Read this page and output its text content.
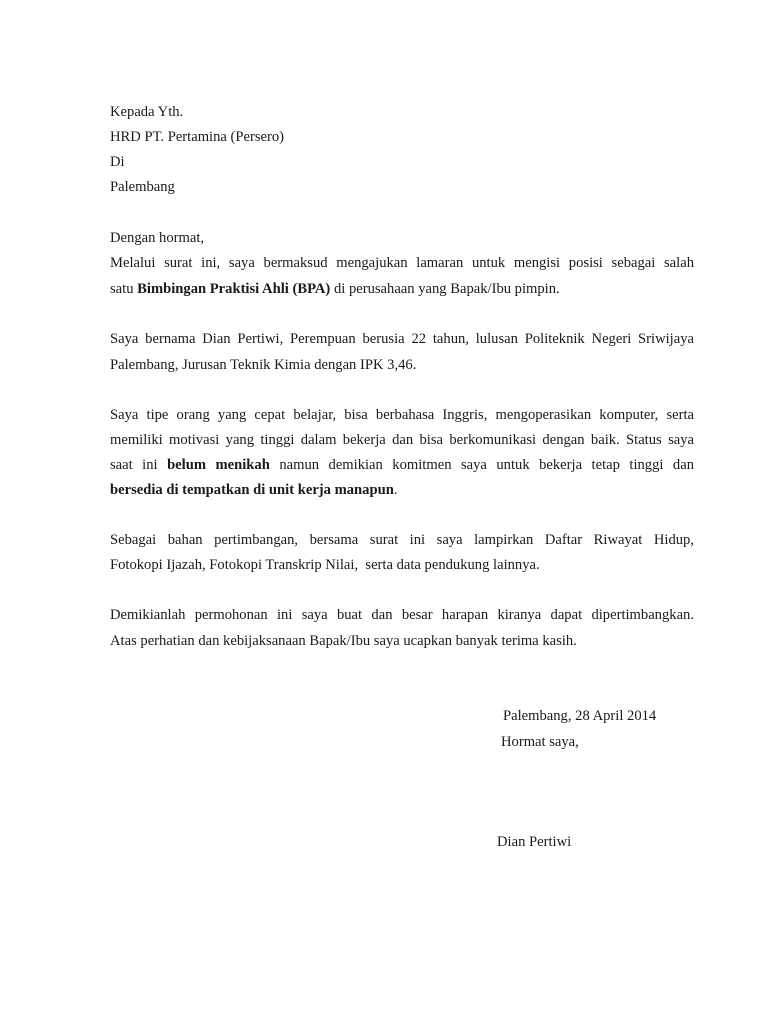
Kepada Yth.
HRD PT. Pertamina (Persero)
Di
Palembang
Dengan hormat,
Melalui surat ini, saya bermaksud mengajukan lamaran untuk mengisi posisi sebagai salah
satu Bimbingan Praktisi Ahli (BPA) di perusahaan yang Bapak/Ibu pimpin.
Saya bernama Dian Pertiwi, Perempuan berusia 22 tahun, lulusan Politeknik Negeri Sriwijaya
Palembang, Jurusan Teknik Kimia dengan IPK 3,46.
Saya tipe orang yang cepat belajar, bisa berbahasa Inggris, mengoperasikan komputer, serta
memiliki motivasi yang tinggi dalam bekerja dan bisa berkomunikasi dengan baik. Status saya
saat ini belum menikah namun demikian komitmen saya untuk bekerja tetap tinggi dan
bersedia di tempatkan di unit kerja manapun.
Sebagai bahan pertimbangan, bersama surat ini saya lampirkan Daftar Riwayat Hidup,
Fotokopi Ijazah, Fotokopi Transkrip Nilai,  serta data pendukung lainnya.
Demikianlah permohonan ini saya buat dan besar harapan kiranya dapat dipertimbangkan.
Atas perhatian dan kebijaksanaan Bapak/Ibu saya ucapkan banyak terima kasih.
Palembang, 28 April 2014
Hormat saya,
Dian Pertiwi
